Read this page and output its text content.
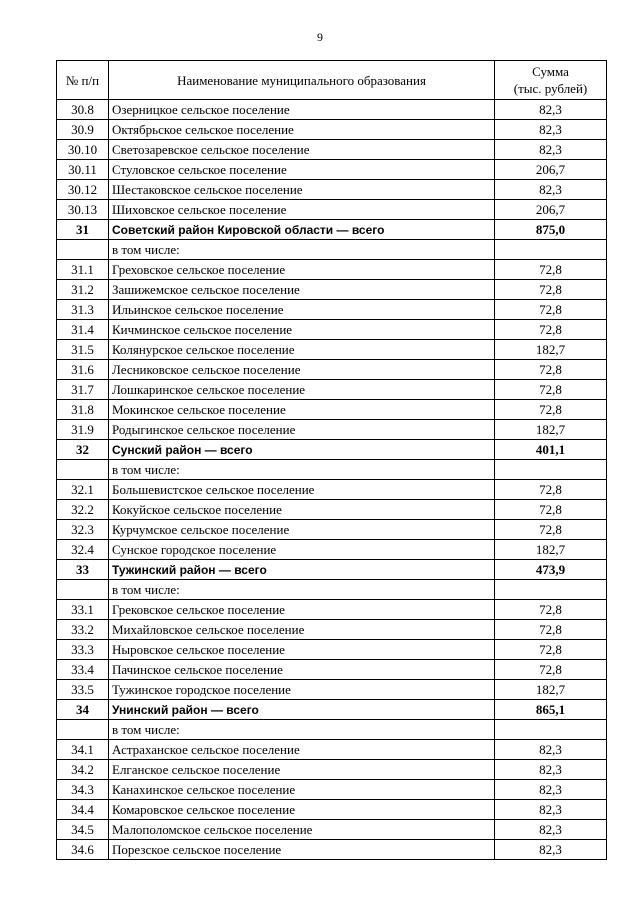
9
№ п/п	Наименование муниципального образования	Сумма
(тыс. рублей)

30.8	Озерницкое сельское поселение	82,3
30.9	Октябрьское сельское поселение	82,3
30.10	Светозаревское сельское поселение	82,3
30.11	Стуловское сельское поселение	206,7
30.12	Шестаковское сельское поселение	82,3
30.13	Шиховское сельское поселение	206,7
31	Советский район Кировской области — всего	875,0
	в том числе:	
31.1	Греховское сельское поселение	72,8
31.2	Зашижемское сельское поселение	72,8
31.3	Ильинское сельское поселение	72,8
31.4	Кичминское сельское поселение	72,8
31.5	Колянурское сельское поселение	182,7
31.6	Лесниковское сельское поселение	72,8
31.7	Лошкаринское сельское поселение	72,8
31.8	Мокинское сельское поселение	72,8
31.9	Родыгинское сельское поселение	182,7
32	Сунский район — всего	401,1
	в том числе:	
32.1	Большевистское сельское поселение	72,8
32.2	Кокуйское сельское поселение	72,8
32.3	Курчумское сельское поселение	72,8
32.4	Сунское городское поселение	182,7
33	Тужинский район — всего	473,9
	в том числе:	
33.1	Грековское сельское поселение	72,8
33.2	Михайловское сельское поселение	72,8
33.3	Ныровское сельское поселение	72,8
33.4	Пачинское сельское поселение	72,8
33.5	Тужинское городское поселение	182,7
34	Унинский район — всего	865,1
	в том числе:	
34.1	Астраханское сельское поселение	82,3
34.2	Елганское сельское поселение	82,3
34.3	Канахинское сельское поселение	82,3
34.4	Комаровское сельское поселение	82,3
34.5	Малополомское сельское поселение	82,3
34.6	Порезское сельское поселение	82,3
